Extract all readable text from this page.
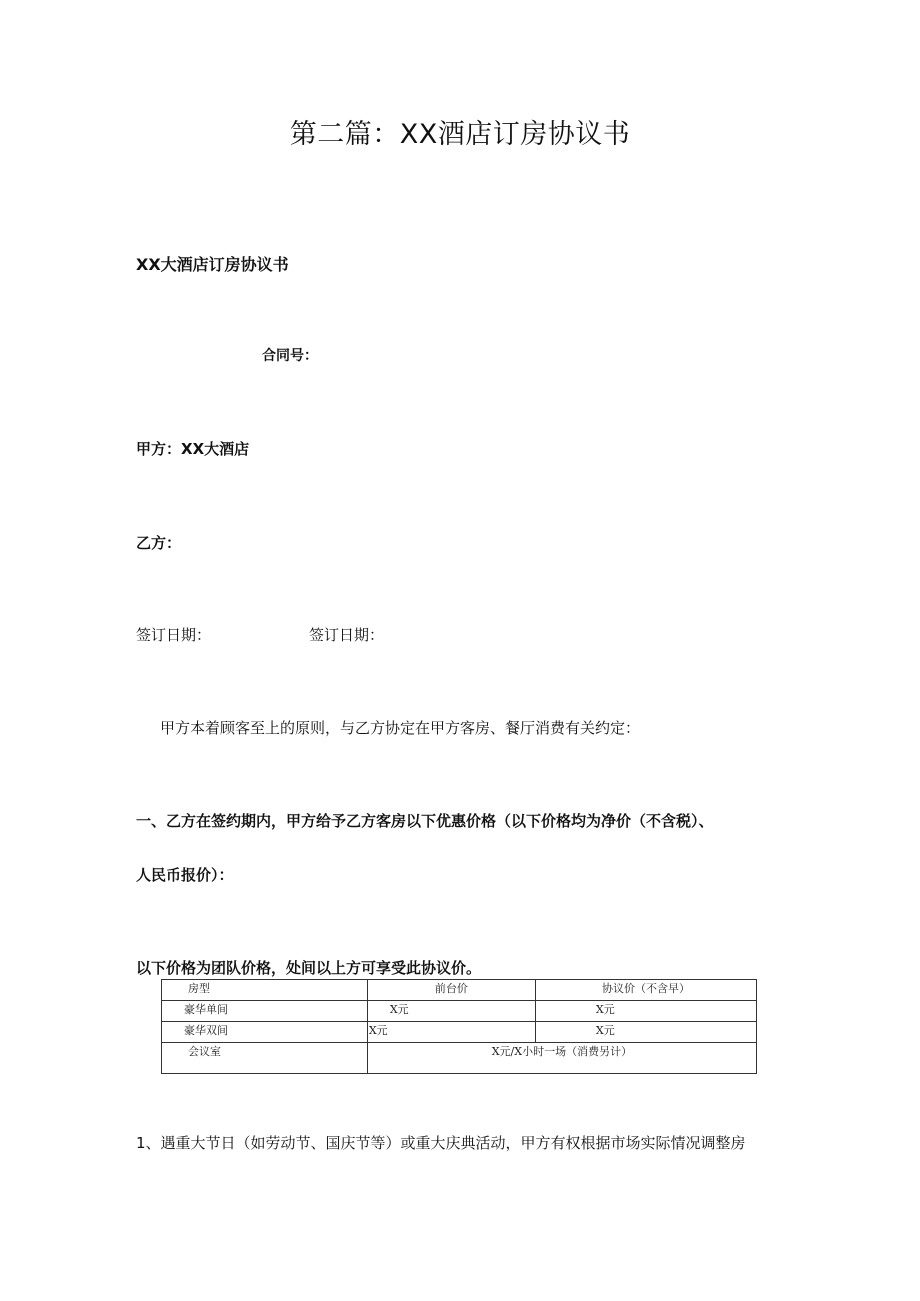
第二篇：XX酒店订房协议书
XX大酒店订房协议书
合同号：
甲方：XX大酒店
乙方：
签订日期：	签订日期：
甲方本着顾客至上的原则，与乙方协定在甲方客房、餐厅消费有关约定：
一、乙方在签约期内，甲方给予乙方客房以下优惠价格（以下价格均为净价（不含税）、
人民币报价）：
以下价格为团队价格，处间以上方可享受此协议价。
房型	前台价	协议价（不含早）
豪华单间	X元	X元
豪华双间	X元	X元
会议室	X元/X小时一场（消费另计）	
1、遇重大节日（如劳动节、国庆节等）或重大庆典活动，甲方有权根据市场实际情况调整房
